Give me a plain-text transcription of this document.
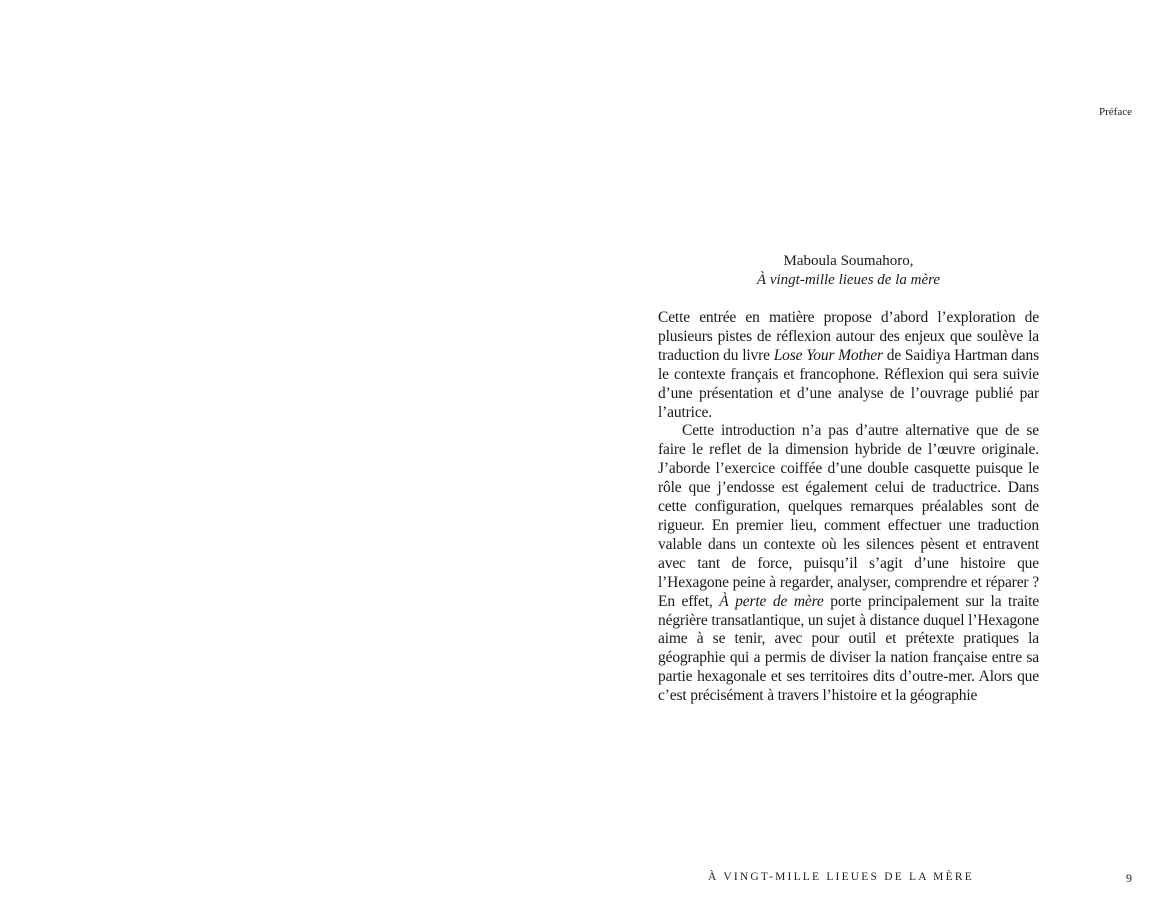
Préface
Maboula Soumahoro,
À vingt-mille lieues de la mère

Cette entrée en matière propose d’abord l’exploration de plusieurs pistes de réflexion autour des enjeux que soulève la traduction du livre Lose Your Mother de Saidiya Hartman dans le contexte français et francophone. Réflexion qui sera suivie d’une présentation et d’une analyse de l’ouvrage publié par l’autrice.

Cette introduction n’a pas d’autre alternative que de se faire le reflet de la dimension hybride de l’œuvre originale. J’aborde l’exercice coiffée d’une double casquette puisque le rôle que j’endosse est également celui de traductrice. Dans cette configuration, quelques remarques préalables sont de rigueur. En premier lieu, comment effectuer une traduction valable dans un contexte où les silences pèsent et entravent avec tant de force, puisqu’il s’agit d’une histoire que l’Hexagone peine à regarder, analyser, comprendre et réparer ? En effet, À perte de mère porte principalement sur la traite négrière transatlantique, un sujet à distance duquel l’Hexagone aime à se tenir, avec pour outil et prétexte pratiques la géographie qui a permis de diviser la nation française entre sa partie hexagonale et ses territoires dits d’outre-mer. Alors que c’est précisément à travers l’histoire et la géographie

À VINGT-MILLE LIEUES DE LA MÈRE	9
